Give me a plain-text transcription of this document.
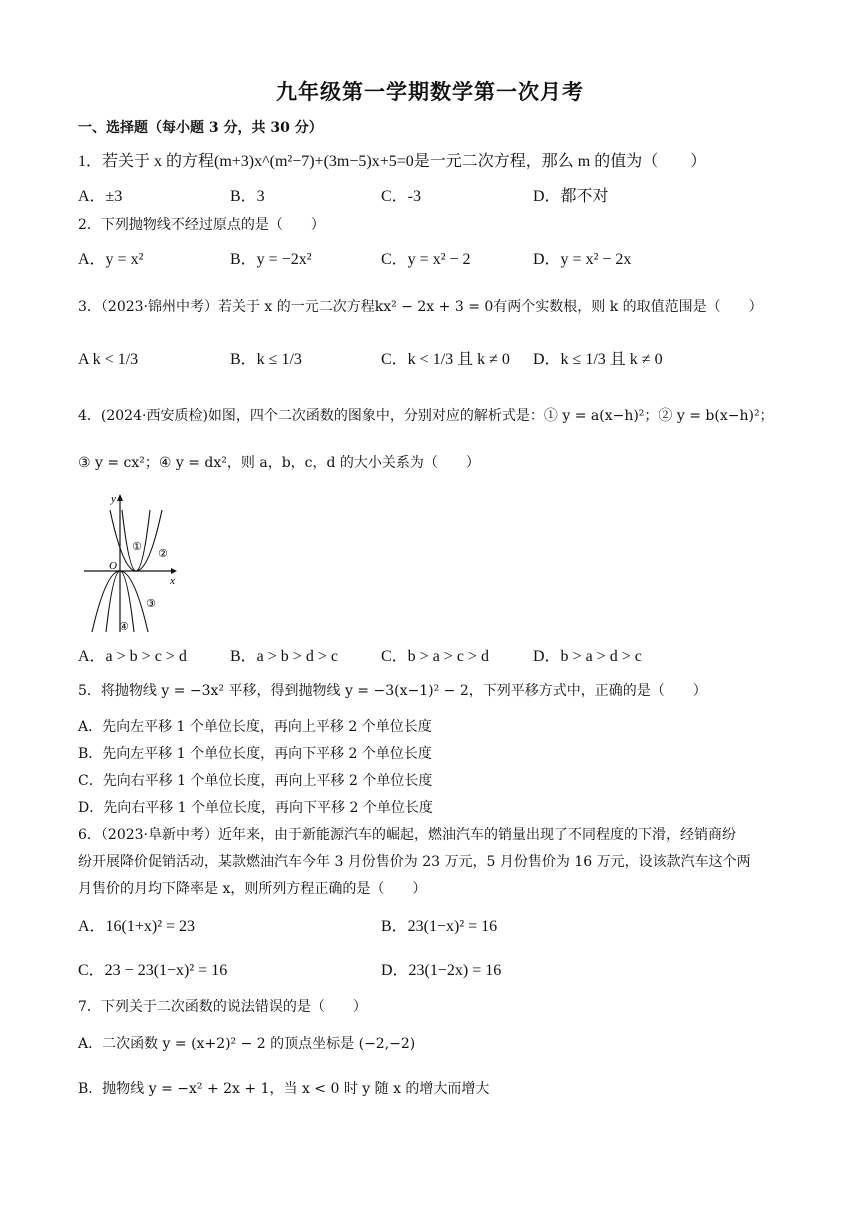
九年级第一学期数学第一次月考
一、选择题（每小题 3 分，共 30 分）
1．若关于 x 的方程(m+3)x^(m²−7)+(3m−5)x+5=0是一元二次方程，那么 m 的值为（　　）
A．±3	B．3	C．-3	D．都不对
2．下列抛物线不经过原点的是（　　）
A．y = x²	B．y = −2x²	C．y = x² − 2	D．y = x² − 2x
3．（2023·锦州中考）若关于 x 的一元二次方程kx² − 2x + 3 = 0有两个实数根，则 k 的取值范围是（　　）
A k < 1/3	B．k ≤ 1/3	C．k < 1/3 且 k ≠ 0 D．k ≤ 1/3 且 k ≠ 0
4．(2024·西安质检)如图，四个二次函数的图象中，分别对应的解析式是：① y = a(x−h)²；② y = b(x−h)²；
③ y = cx²；④ y = dx²，则 a，b，c，d 的大小关系为（　　）
y
x
O
①
②
③
④
A．a > b > c > d	B．a > b > d > c	C．b > a > c > d	D．b > a > d > c
5．将抛物线 y = −3x² 平移，得到抛物线 y = −3(x−1)² − 2，下列平移方式中，正确的是（　　）
A．先向左平移 1 个单位长度，再向上平移 2 个单位长度
B．先向左平移 1 个单位长度，再向下平移 2 个单位长度
C．先向右平移 1 个单位长度，再向上平移 2 个单位长度
D．先向右平移 1 个单位长度，再向下平移 2 个单位长度
6．（2023·阜新中考）近年来，由于新能源汽车的崛起，燃油汽车的销量出现了不同程度的下滑，经销商纷
纷开展降价促销活动，某款燃油汽车今年 3 月份售价为 23 万元，5 月份售价为 16 万元，设该款汽车这个两
月售价的月均下降率是 x，则所列方程正确的是（　　）
A．16(1+x)² = 23	B．23(1−x)² = 16
C．23 − 23(1−x)² = 16	D．23(1−2x) = 16
7．下列关于二次函数的说法错误的是（　　）
A．二次函数 y = (x+2)² − 2 的顶点坐标是 (−2,−2)
B．抛物线 y = −x² + 2x + 1，当 x < 0 时 y 随 x 的增大而增大
